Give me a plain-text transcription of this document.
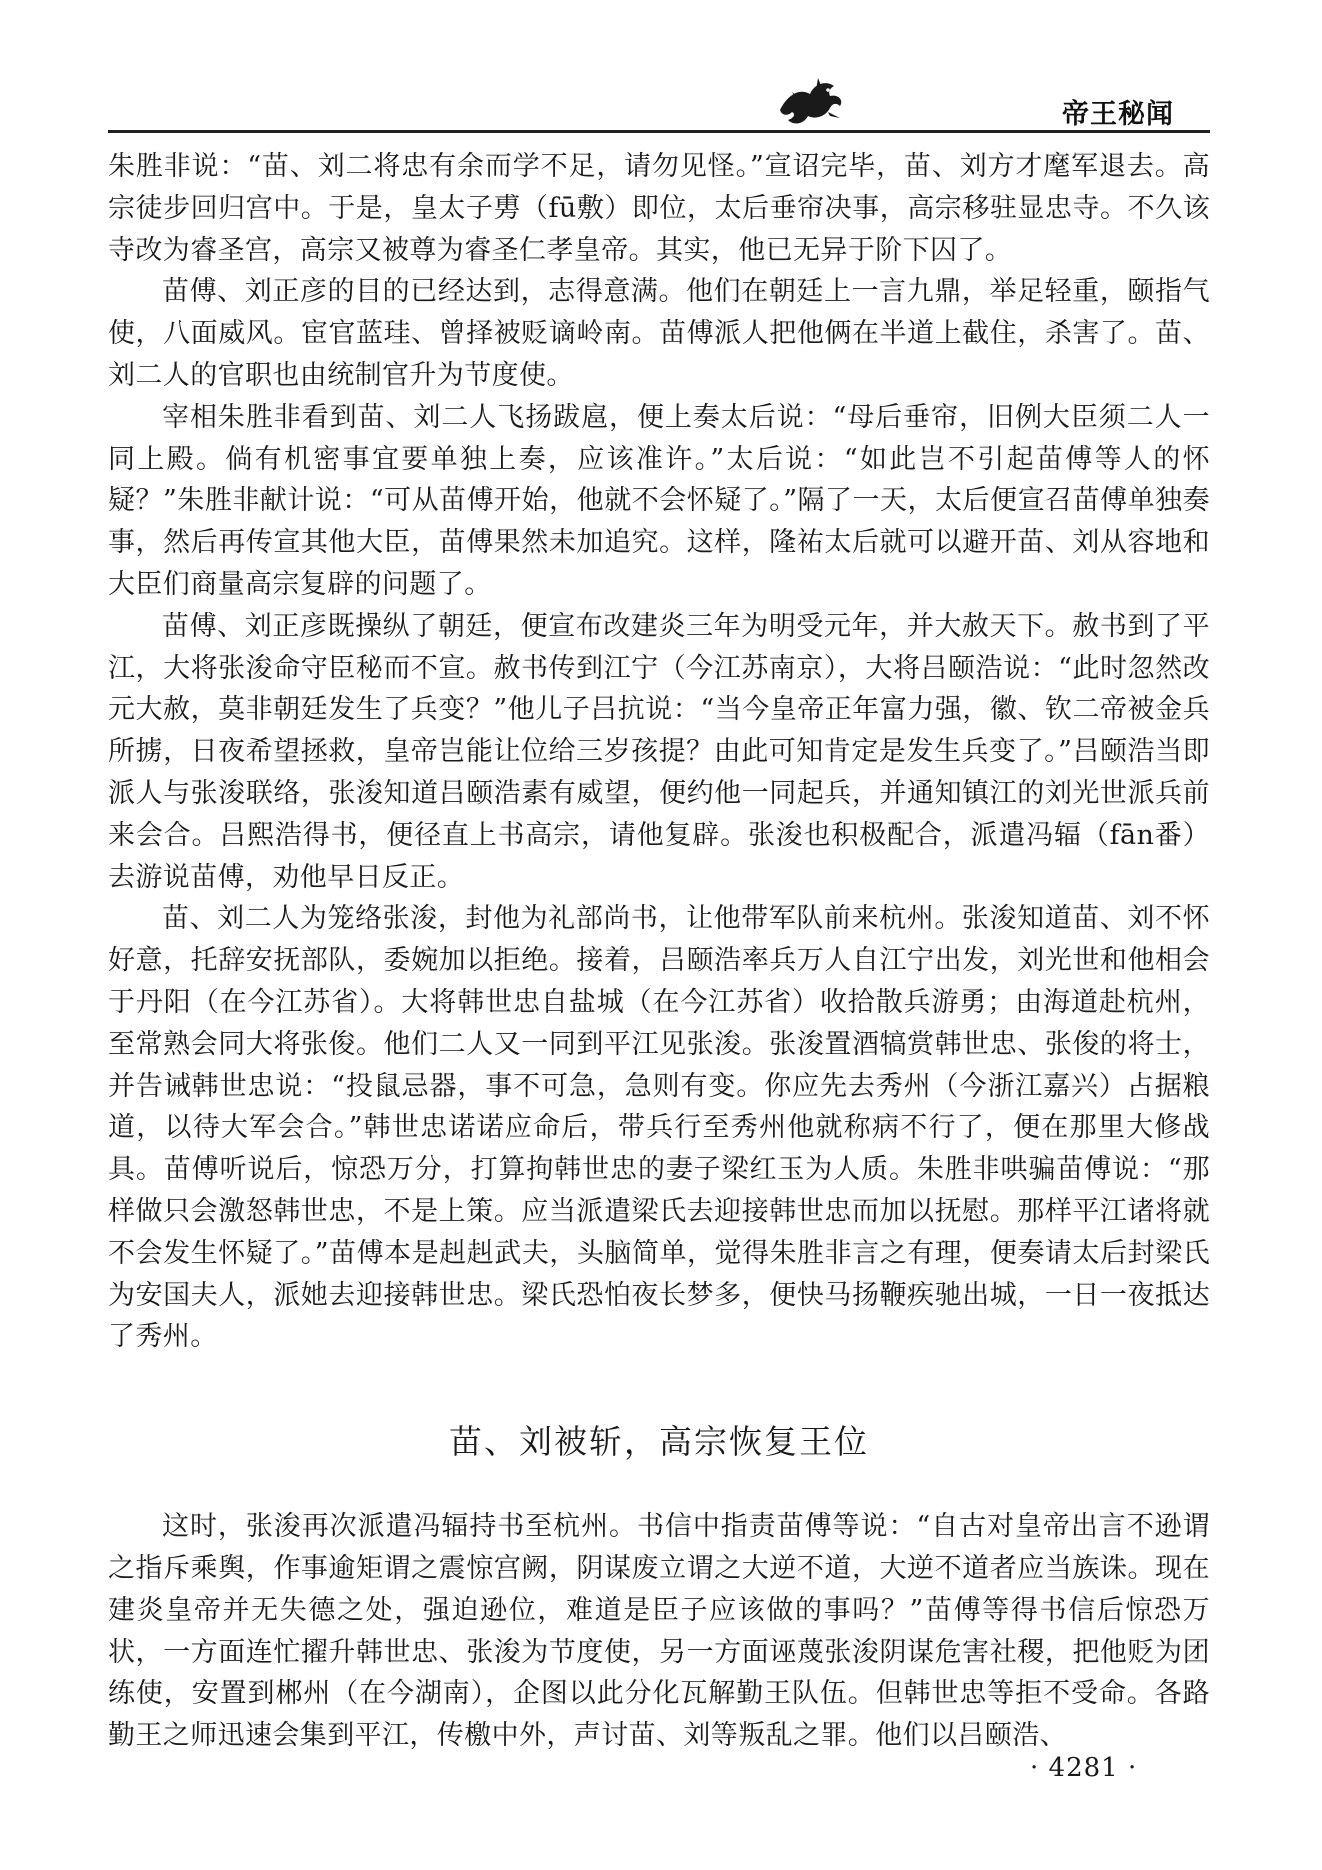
帝王秘闻

朱胜非说：“苗、刘二将忠有余而学不足，请勿见怪。”宣诏完毕，苗、刘方才麾军退去。高宗徒步回归宫中。于是，皇太子旉（fū敷）即位，太后垂帘决事，高宗移驻显忠寺。不久该寺改为睿圣宫，高宗又被尊为睿圣仁孝皇帝。其实，他已无异于阶下囚了。

苗傅、刘正彦的目的已经达到，志得意满。他们在朝廷上一言九鼎，举足轻重，颐指气使，八面威风。宦官蓝珪、曾择被贬谪岭南。苗傅派人把他俩在半道上截住，杀害了。苗、刘二人的官职也由统制官升为节度使。

宰相朱胜非看到苗、刘二人飞扬跋扈，便上奏太后说：“母后垂帘，旧例大臣须二人一同上殿。倘有机密事宜要单独上奏，应该准许。”太后说：“如此岂不引起苗傅等人的怀疑？”朱胜非献计说：“可从苗傅开始，他就不会怀疑了。”隔了一天，太后便宣召苗傅单独奏事，然后再传宣其他大臣，苗傅果然未加追究。这样，隆祐太后就可以避开苗、刘从容地和大臣们商量高宗复辟的问题了。

苗傅、刘正彦既操纵了朝廷，便宣布改建炎三年为明受元年，并大赦天下。赦书到了平江，大将张浚命守臣秘而不宣。赦书传到江宁（今江苏南京），大将吕颐浩说：“此时忽然改元大赦，莫非朝廷发生了兵变？”他儿子吕抗说：“当今皇帝正年富力强，徽、钦二帝被金兵所掳，日夜希望拯救，皇帝岂能让位给三岁孩提？由此可知肯定是发生兵变了。”吕颐浩当即派人与张浚联络，张浚知道吕颐浩素有威望，便约他一同起兵，并通知镇江的刘光世派兵前来会合。吕熙浩得书，便径直上书高宗，请他复辟。张浚也积极配合，派遣冯辐（fān番）去游说苗傅，劝他早日反正。

苗、刘二人为笼络张浚，封他为礼部尚书，让他带军队前来杭州。张浚知道苗、刘不怀好意，托辞安抚部队，委婉加以拒绝。接着，吕颐浩率兵万人自江宁出发，刘光世和他相会于丹阳（在今江苏省）。大将韩世忠自盐城（在今江苏省）收拾散兵游勇；由海道赴杭州，至常熟会同大将张俊。他们二人又一同到平江见张浚。张浚置酒犒赏韩世忠、张俊的将士，并告诫韩世忠说：“投鼠忌器，事不可急，急则有变。你应先去秀州（今浙江嘉兴）占据粮道，以待大军会合。”韩世忠诺诺应命后，带兵行至秀州他就称病不行了，便在那里大修战具。苗傅听说后，惊恐万分，打算拘韩世忠的妻子梁红玉为人质。朱胜非哄骗苗傅说：“那样做只会激怒韩世忠，不是上策。应当派遣梁氏去迎接韩世忠而加以抚慰。那样平江诸将就不会发生怀疑了。”苗傅本是赳赳武夫，头脑简单，觉得朱胜非言之有理，便奏请太后封梁氏为安国夫人，派她去迎接韩世忠。梁氏恐怕夜长梦多，便快马扬鞭疾驰出城，一日一夜抵达了秀州。

苗、刘被斩，高宗恢复王位

这时，张浚再次派遣冯辐持书至杭州。书信中指责苗傅等说：“自古对皇帝出言不逊谓之指斥乘舆，作事逾矩谓之震惊宫阙，阴谋废立谓之大逆不道，大逆不道者应当族诛。现在建炎皇帝并无失德之处，强迫逊位，难道是臣子应该做的事吗？”苗傅等得书信后惊恐万状，一方面连忙擢升韩世忠、张浚为节度使，另一方面诬蔑张浚阴谋危害社稷，把他贬为团练使，安置到郴州（在今湖南），企图以此分化瓦解勤王队伍。但韩世忠等拒不受命。各路勤王之师迅速会集到平江，传檄中外，声讨苗、刘等叛乱之罪。他们以吕颐浩、

· 4281 ·
